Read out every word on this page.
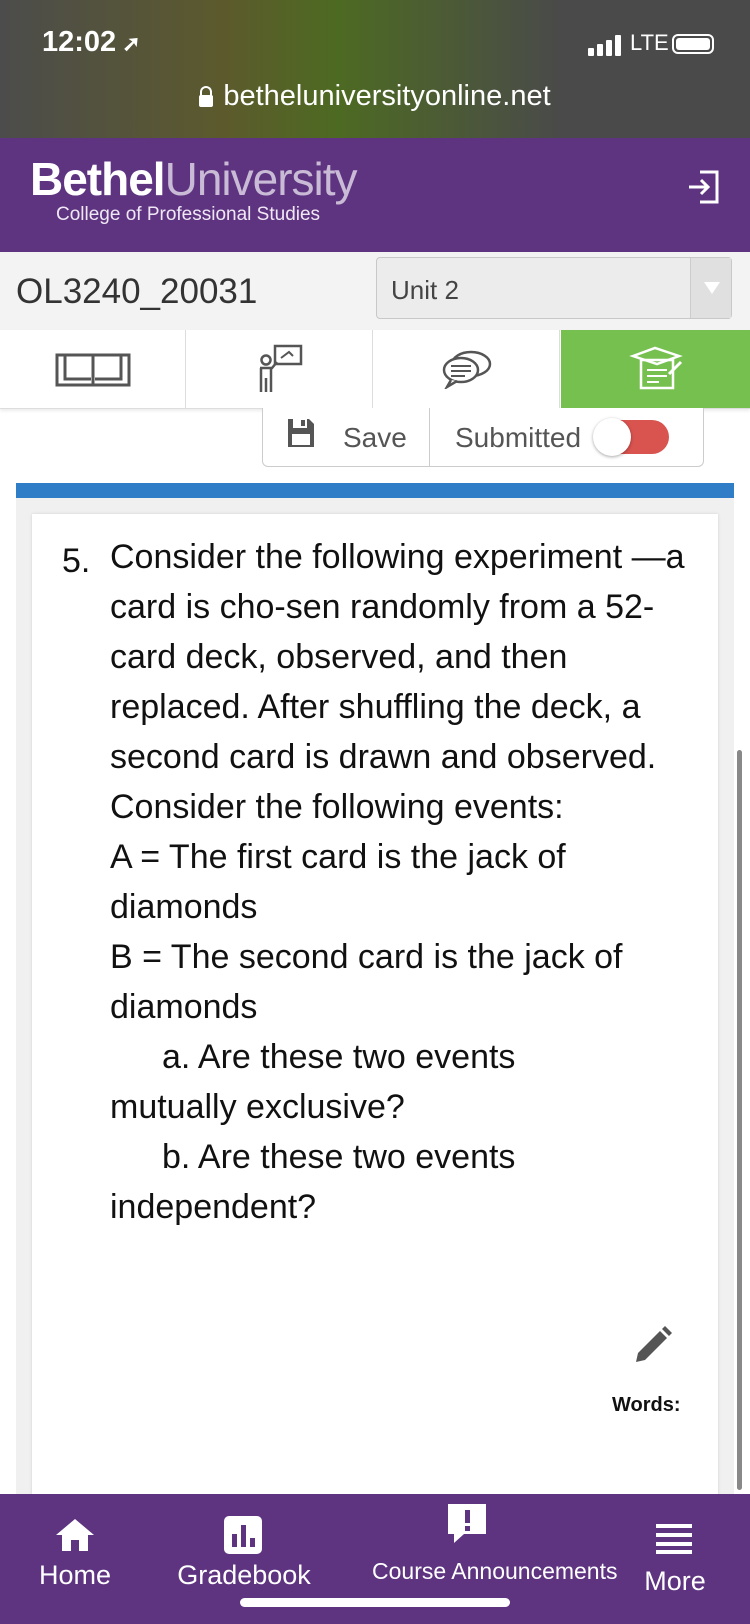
12:02 ➚	LTE
betheluniversityonline.net
BethelUniversity
College of Professional Studies
OL3240_20031	Unit 2
Save Submitted
5. Consider the following experiment —a card is cho-sen randomly from a 52-card deck, observed, and then replaced. After shuffling the deck, a second card is drawn and observed. Consider the following events:

A = The first card is the jack of diamonds

B = The second card is the jack of diamonds

a. Are these two events

mutually exclusive?

b. Are these two events

independent?

Words:
Home	Gradebook	Course Announcements More
